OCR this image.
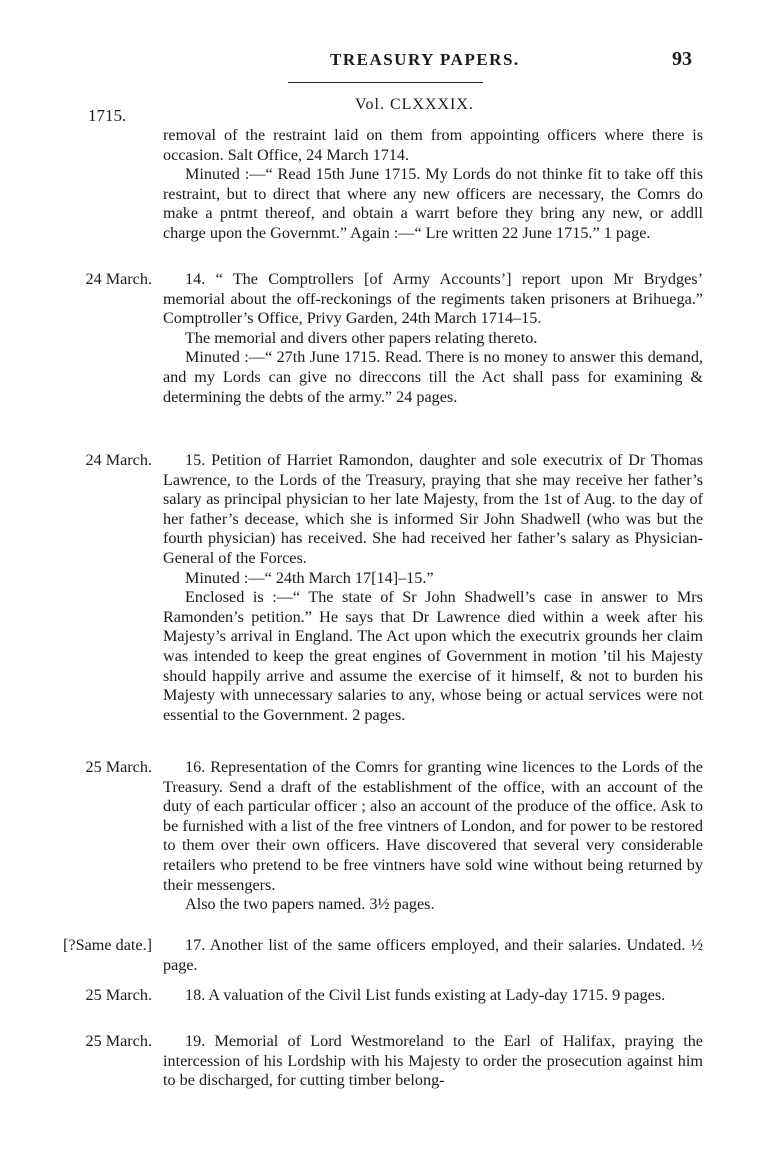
TREASURY PAPERS.	93
1715.
Vol. CLXXXIX.

removal of the restraint laid on them from appointing officers where there is occasion. Salt Office, 24 March 1714.

Minuted :—“ Read 15th June 1715. My Lords do not thinke fit to take off this restraint, but to direct that where any new officers are necessary, the Comrs do make a pntmt thereof, and obtain a warrt before they bring any new, or addll charge upon the Governmt.” Again :—“ Lre written 22 June 1715.” 1 page.

24 March.	14. “ The Comptrollers [of Army Accounts’] report upon Mr Brydges’ memorial about the off-reckonings of the regiments taken prisoners at Brihuega.” Comptroller’s Office, Privy Garden, 24th March 1714–15.

The memorial and divers other papers relating thereto.

Minuted :—“ 27th June 1715. Read. There is no money to answer this demand, and my Lords can give no direccons till the Act shall pass for examining & determining the debts of the army.” 24 pages.

24 March.	15. Petition of Harriet Ramondon, daughter and sole executrix of Dr Thomas Lawrence, to the Lords of the Treasury, praying that she may receive her father’s salary as principal physician to her late Majesty, from the 1st of Aug. to the day of her father’s decease, which she is informed Sir John Shadwell (who was but the fourth physician) has received. She had received her father’s salary as Physician-General of the Forces.

Minuted :—“ 24th March 17[14]–15.”

Enclosed is :—“ The state of Sr John Shadwell’s case in answer to Mrs Ramonden’s petition.” He says that Dr Lawrence died within a week after his Majesty’s arrival in England. The Act upon which the executrix grounds her claim was intended to keep the great engines of Government in motion ’til his Majesty should happily arrive and assume the exercise of it himself, & not to burden his Majesty with unnecessary salaries to any, whose being or actual services were not essential to the Government. 2 pages.

25 March.	16. Representation of the Comrs for granting wine licences to the Lords of the Treasury. Send a draft of the establishment of the office, with an account of the duty of each particular officer ; also an account of the produce of the office. Ask to be furnished with a list of the free vintners of London, and for power to be restored to them over their own officers. Have discovered that several very considerable retailers who pretend to be free vintners have sold wine without being returned by their messengers.

Also the two papers named. 3½ pages.

[?Same date.]	17. Another list of the same officers employed, and their salaries. Undated. ½ page.

25 March.	18. A valuation of the Civil List funds existing at Lady-day 1715. 9 pages.

25 March.	19. Memorial of Lord Westmoreland to the Earl of Halifax, praying the intercession of his Lordship with his Majesty to order the prosecution against him to be discharged, for cutting timber belong-
